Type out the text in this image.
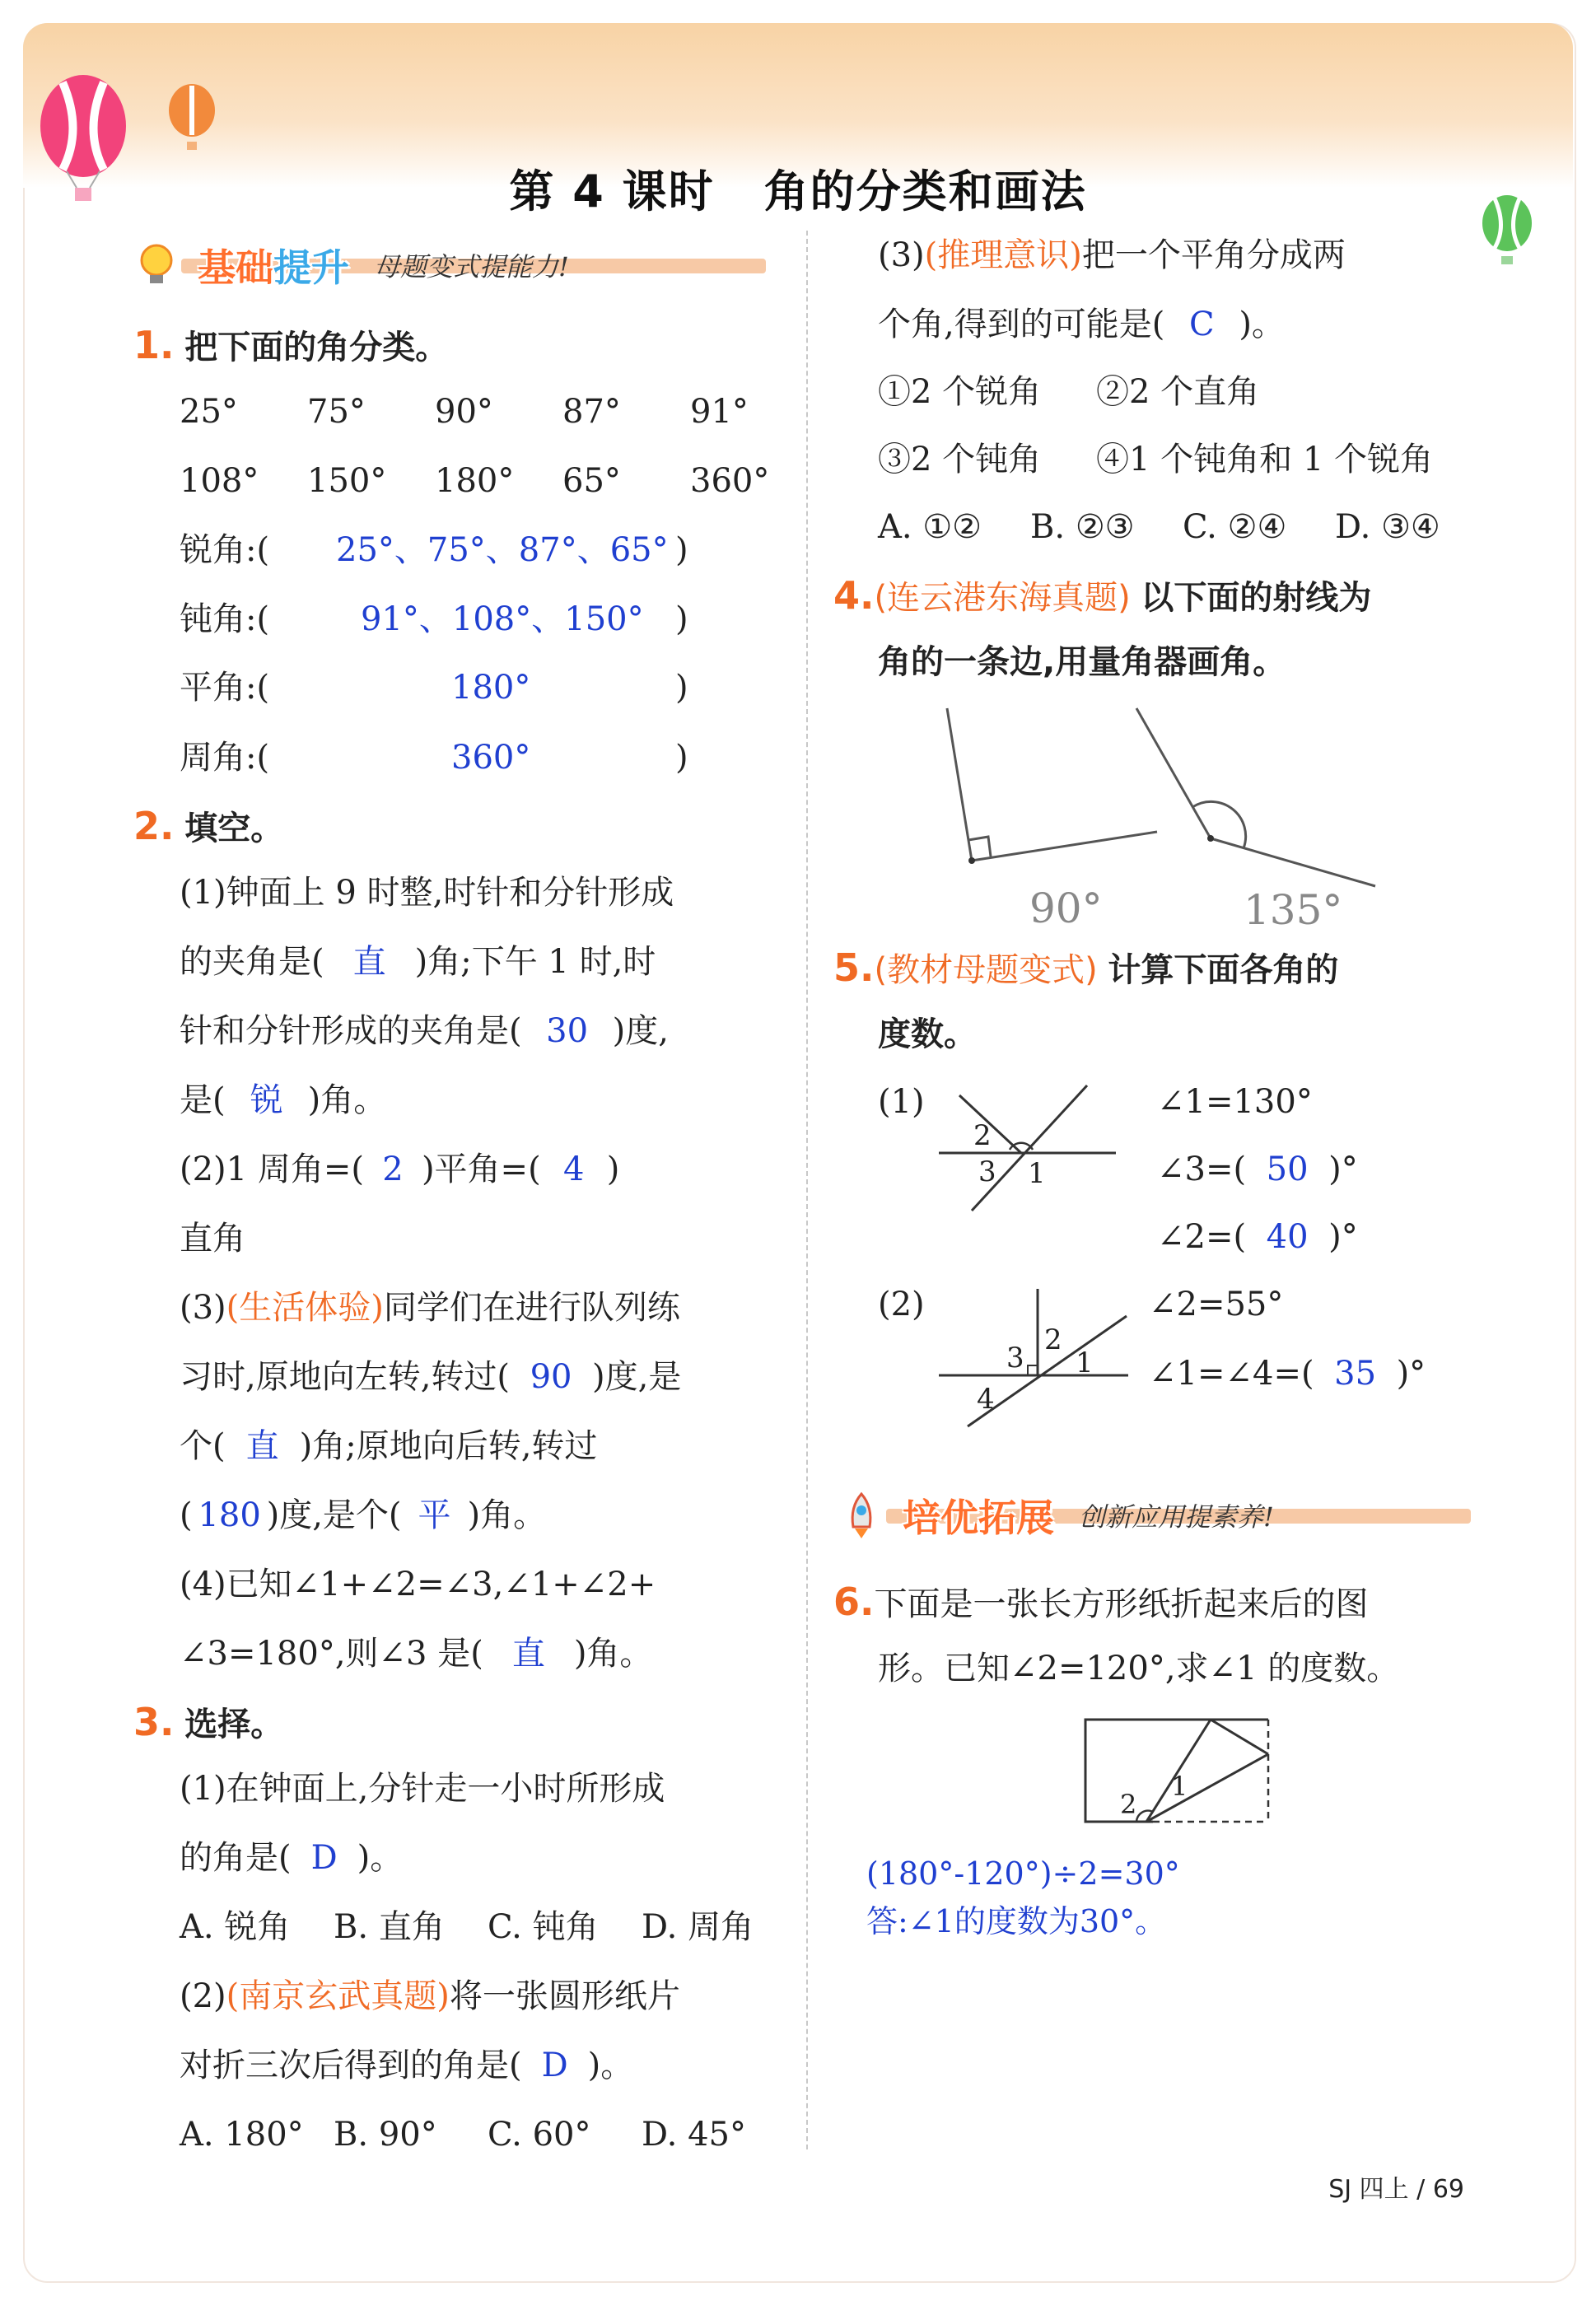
第 4 课时 角的分类和画法
基础提升 母题变式提能力!
1. 把下面的角分类。
25° 75° 90° 87° 91°
108° 150° 180° 65° 360°
锐角:( 25°、75°、87°、65° )
钝角:(	91°、108°、150° )
平角:(	180°	)
周角:(	360°	)
2. 填空。
(1)钟面上 9 时整,时针和分针形成
的夹角是( 直 )角;下午 1 时,时
针和分针形成的夹角是( 30 )度,
是( 锐 )角。
(2)1 周角=( 2 )平角=( 4 )
直角
(3)(生活体验)同学们在进行队列练
习时,原地向左转,转过( 90 )度,是
个( 直 )角;原地向后转,转过
( 180 )度,是个( 平 )角。
(4)已知∠1+∠2=∠3,∠1+∠2+
∠3=180°,则∠3 是( 直 )角。
3. 选择。
(1)在钟面上,分针走一小时所形成
的角是( D )。
A. 锐角 B. 直角 C. 钝角 D. 周角
(2)(南京玄武真题)将一张圆形纸片
对折三次后得到的角是( D )。
A. 180° B. 90° C. 60° D. 45°
(3)(推理意识)把一个平角分成两
个角,得到的可能是( C )。
①2 个锐角 ②2 个直角
③2 个钝角 ④1 个钝角和 1 个锐角
A. ①② B. ②③ C. ②④ D. ③④
4.(连云港东海真题) 以下面的射线为
角的一条边,用量角器画角。
90°	135°
5.(教材母题变式) 计算下面各角的
度数。
(1)
2
3 1
∠1=130°
∠3=( 50 )°
∠2=( 40 )°
(2)
3
2
1
4
∠2=55°
∠1=∠4=( 35 )°
培优拓展 创新应用提素养!
6.下面是一张长方形纸折起来后的图
形。已知∠2=120°,求∠1 的度数。
2
1
(180°-120°)÷2=30°
答:∠1的度数为30°。
SJ 四上 / 69
